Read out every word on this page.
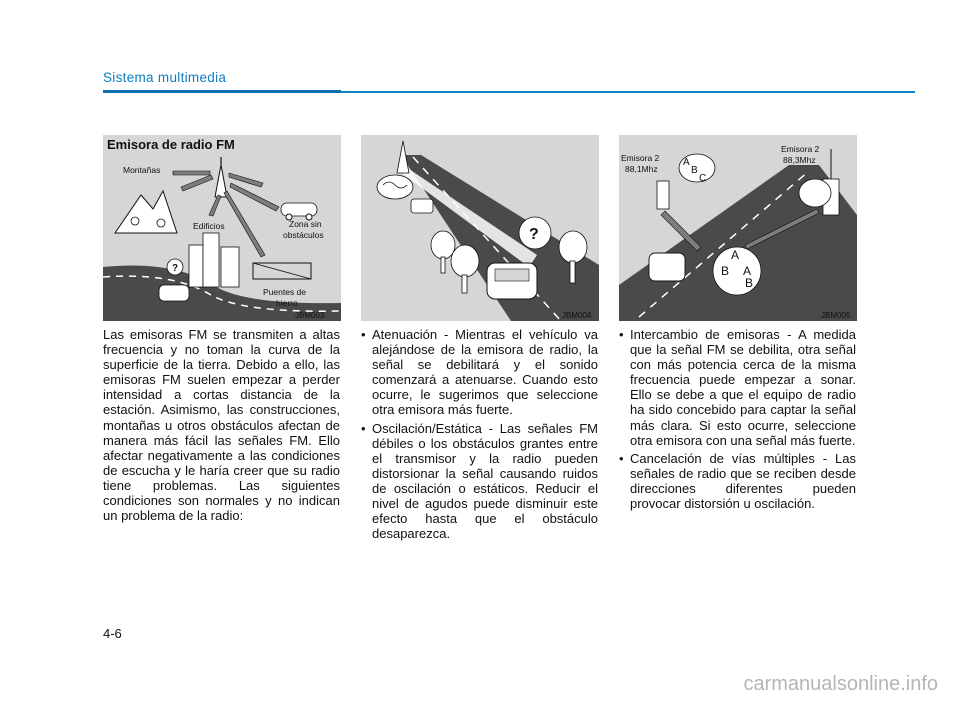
Sistema multimedia
Emisora de radio FM
Montañas
Edificios	Zona sin
obstáculos
Puentes de
hierro
?
JBM003
?
JBM004
Emisora 2
88,1Mhz
A
B
C
Emisora 2
88,3Mhz
A
B A
B
JBM005

Las emisoras FM se transmiten a altas frecuencia y no toman la curva de la superficie de la tierra. Debido a ello, las emisoras FM suelen empezar a perder intensidad a cortas distancia de la estación. Asimismo, las construcciones, montañas u otros obstáculos afectan de manera más fácil las señales FM. Ello afectar negativamente a las condiciones de escucha y le haría creer que su radio tiene problemas. Las siguientes condiciones son normales y no indican un problema de la radio:

• Atenuación - Mientras el vehículo va alejándose de la emisora de radio, la señal se debilitará y el sonido comenzará a atenuarse. Cuando esto ocurre, le sugerimos que seleccione otra emisora más fuerte.
• Oscilación/Estática - Las señales FM débiles o los obstáculos grantes entre el transmisor y la radio pueden distorsionar la señal causando ruidos de oscilación o estáticos. Reducir el nivel de agudos puede disminuir este efecto hasta que el obstáculo desaparezca.
• Intercambio de emisoras - A medida que la señal FM se debilita, otra señal con más potencia cerca de la misma frecuencia puede empezar a sonar. Ello se debe a que el equipo de radio ha sido concebido para captar la señal más clara. Si esto ocurre, seleccione otra emisora con una señal más fuerte.
• Cancelación de vías múltiples - Las señales de radio que se reciben desde direcciones diferentes pueden provocar distorsión u oscilación.

4-6

carmanualsonline.info
